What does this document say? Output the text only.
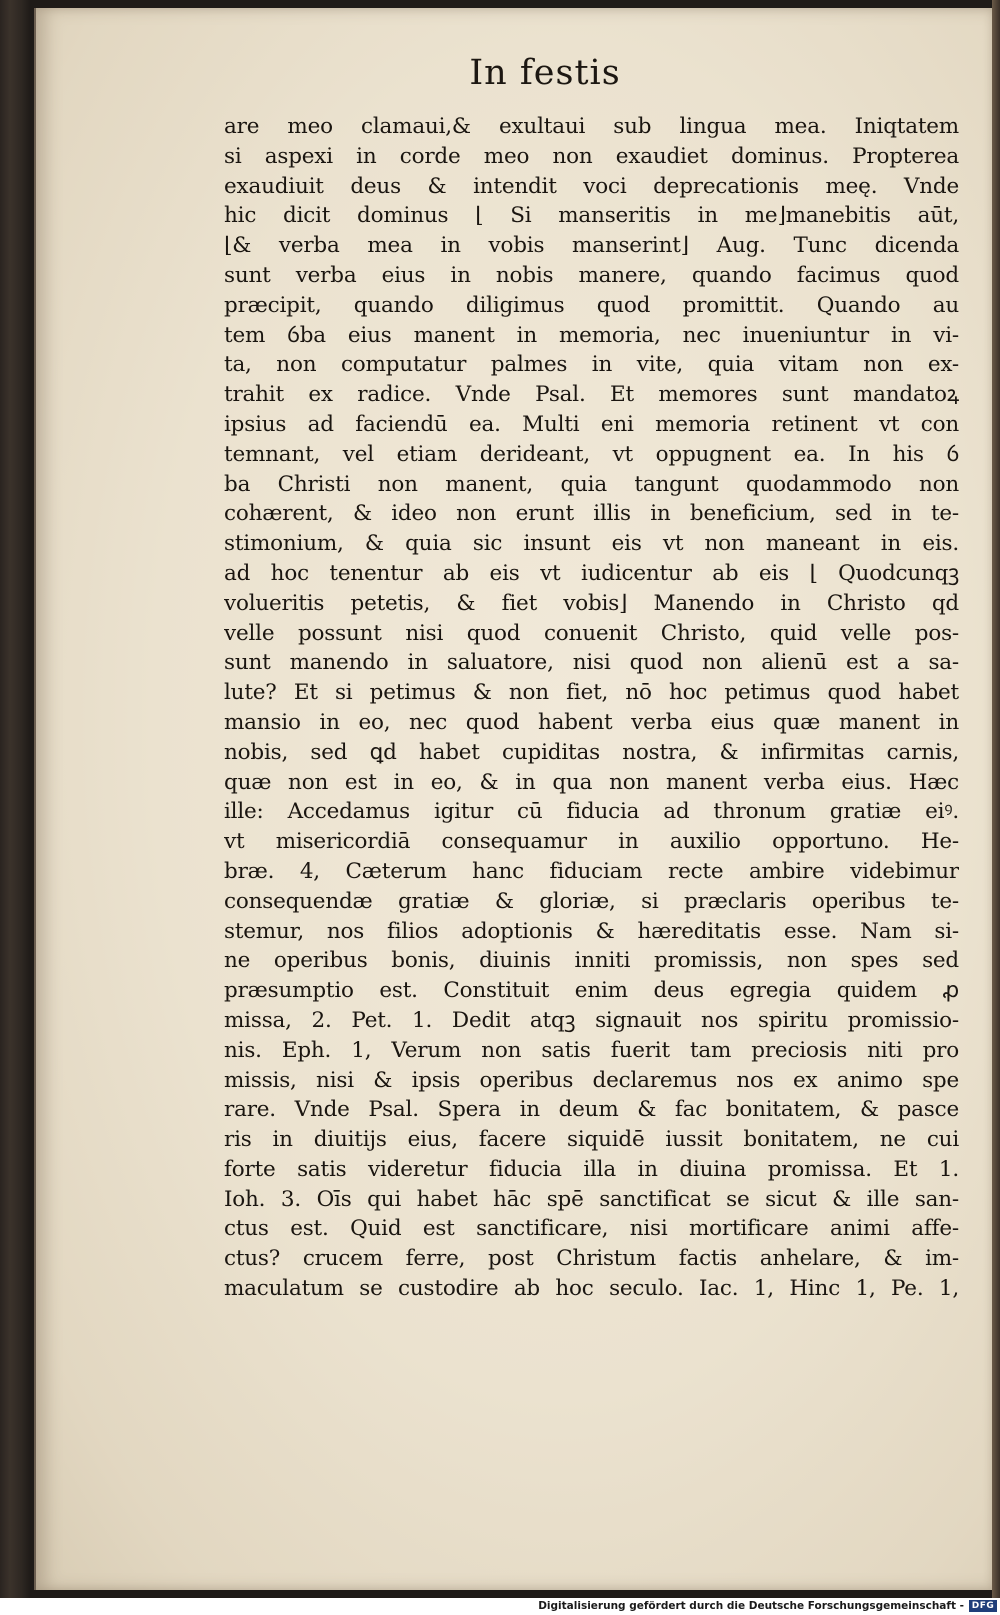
In festis
are meo clamaui,& exultaui sub lingua mea. Iniqtatem
si aspexi in corde meo non exaudiet dominus. Propterea
exaudiuit deus & intendit voci deprecationis meę. Vnde
hic dicit dominus ⌊ Si manseritis in me⌋manebitis aūt,
⌊& verba mea in vobis manserint⌋ Aug. Tunc dicenda
sunt verba eius in nobis manere, quando facimus quod
præcipit, quando diligimus quod promittit. Quando au
tem ỽba eius manent in memoria, nec inueniuntur in vi-
ta, non computatur palmes in vite, quia vitam non ex-
trahit ex radice. Vnde Psal. Et memores sunt mandatoꝝ
ipsius ad faciendū ea. Multi eni memoria retinent vt con
temnant, vel etiam derideant, vt oppugnent ea. In his ỽ
ba Christi non manent, quia tangunt quodammodo non
cohærent, & ideo non erunt illis in beneficium, sed in te-
stimonium, & quia sic insunt eis vt non maneant in eis.
ad hoc tenentur ab eis vt iudicentur ab eis ⌊ Quodcunqꝫ
volueritis petetis, & fiet vobis⌋ Manendo in Christo qd
velle possunt nisi quod conuenit Christo, quid velle pos-
sunt manendo in saluatore, nisi quod non alienū est a sa-
lute? Et si petimus & non fiet, nō hoc petimus quod habet
mansio in eo, nec quod habent verba eius quæ manent in
nobis, sed ꝗd habet cupiditas nostra, & infirmitas carnis,
quæ non est in eo, & in qua non manent verba eius. Hæc
ille: Accedamus igitur cū fiducia ad thronum gratiæ eiꝰ.
vt misericordiā consequamur in auxilio opportuno. He-
bræ. 4, Cæterum hanc fiduciam recte ambire videbimur
consequendæ gratiæ & gloriæ, si præclaris operibus te-
stemur, nos filios adoptionis & hæreditatis esse. Nam si-
ne operibus bonis, diuinis inniti promissis, non spes sed
præsumptio est. Constituit enim deus egregia quidem ꝓ
missa, 2. Pet. 1. Dedit atqꝫ signauit nos spiritu promissio-
nis. Eph. 1, Verum non satis fuerit tam preciosis niti pro
missis, nisi & ipsis operibus declaremus nos ex animo spe
rare. Vnde Psal. Spera in deum & fac bonitatem, & pasce
ris in diuitijs eius, facere siquidē iussit bonitatem, ne cui
forte satis videretur fiducia illa in diuina promissa. Et 1.
Ioh. 3. Oīs qui habet hāc spē sanctificat se sicut & ille san-
ctus est. Quid est sanctificare, nisi mortificare animi affe-
ctus? crucem ferre, post Christum factis anhelare, & im-
maculatum se custodire ab hoc seculo. Iac. 1, Hinc 1, Pe. 1,
Digitalisierung gefördert durch die Deutsche Forschungsgemeinschaft - DFG
